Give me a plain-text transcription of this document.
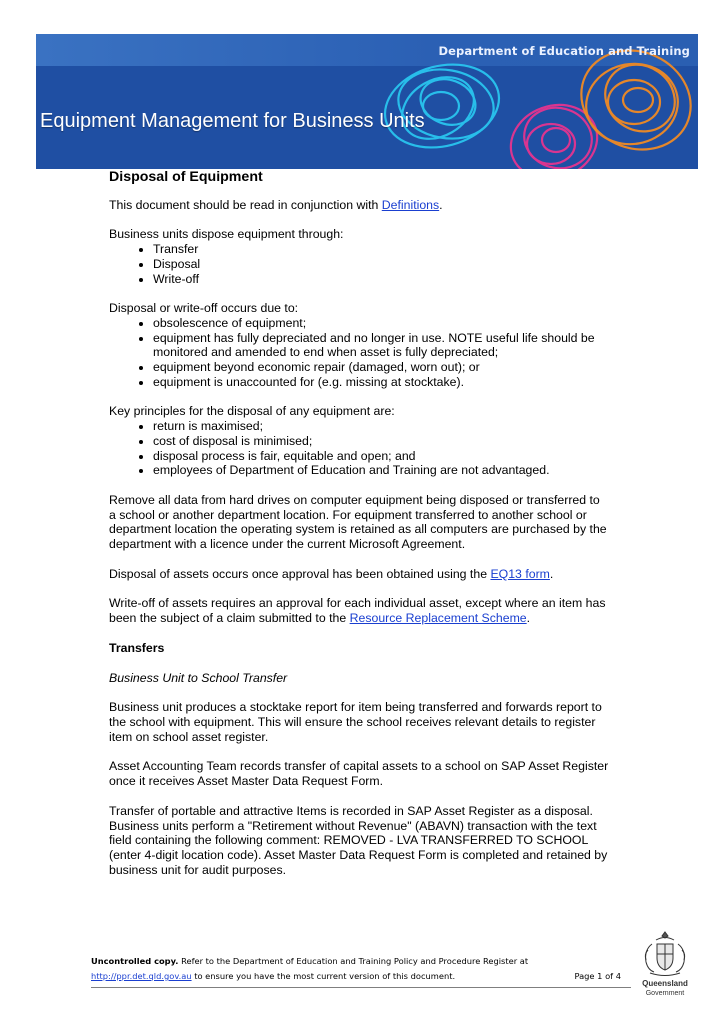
Department of Education and Training
Equipment Management for Business Units

Disposal of Equipment

This document should be read in conjunction with Definitions.

Business units dispose equipment through:

• Transfer
• Disposal
• Write-off

Disposal or write-off occurs due to:

• obsolescence of equipment;
• equipment has fully depreciated and no longer in use. NOTE useful life should be monitored and amended to end when asset is fully depreciated;
• equipment beyond economic repair (damaged, worn out); or
• equipment is unaccounted for (e.g. missing at stocktake).

Key principles for the disposal of any equipment are:

• return is maximised;
• cost of disposal is minimised;
• disposal process is fair, equitable and open; and
• employees of Department of Education and Training are not advantaged.

Remove all data from hard drives on computer equipment being disposed or transferred to a school or another department location. For equipment transferred to another school or department location the operating system is retained as all computers are purchased by the department with a licence under the current Microsoft Agreement.

Disposal of assets occurs once approval has been obtained using the EQ13 form.

Write-off of assets requires an approval for each individual asset, except where an item has been the subject of a claim submitted to the Resource Replacement Scheme.

Transfers

Business Unit to School Transfer

Business unit produces a stocktake report for item being transferred and forwards report to the school with equipment. This will ensure the school receives relevant details to register item on school asset register.

Asset Accounting Team records transfer of capital assets to a school on SAP Asset Register once it receives Asset Master Data Request Form.

Transfer of portable and attractive Items is recorded in SAP Asset Register as a disposal. Business units perform a "Retirement without Revenue" (ABAVN) transaction with the text field containing the following comment: REMOVED - LVA TRANSFERRED TO SCHOOL (enter 4-digit location code). Asset Master Data Request Form is completed and retained by business unit for audit purposes.

Uncontrolled copy. Refer to the Department of Education and Training Policy and Procedure Register at
http://ppr.det.qld.gov.au to ensure you have the most current version of this document.	Page 1 of 4
Queensland
Government
